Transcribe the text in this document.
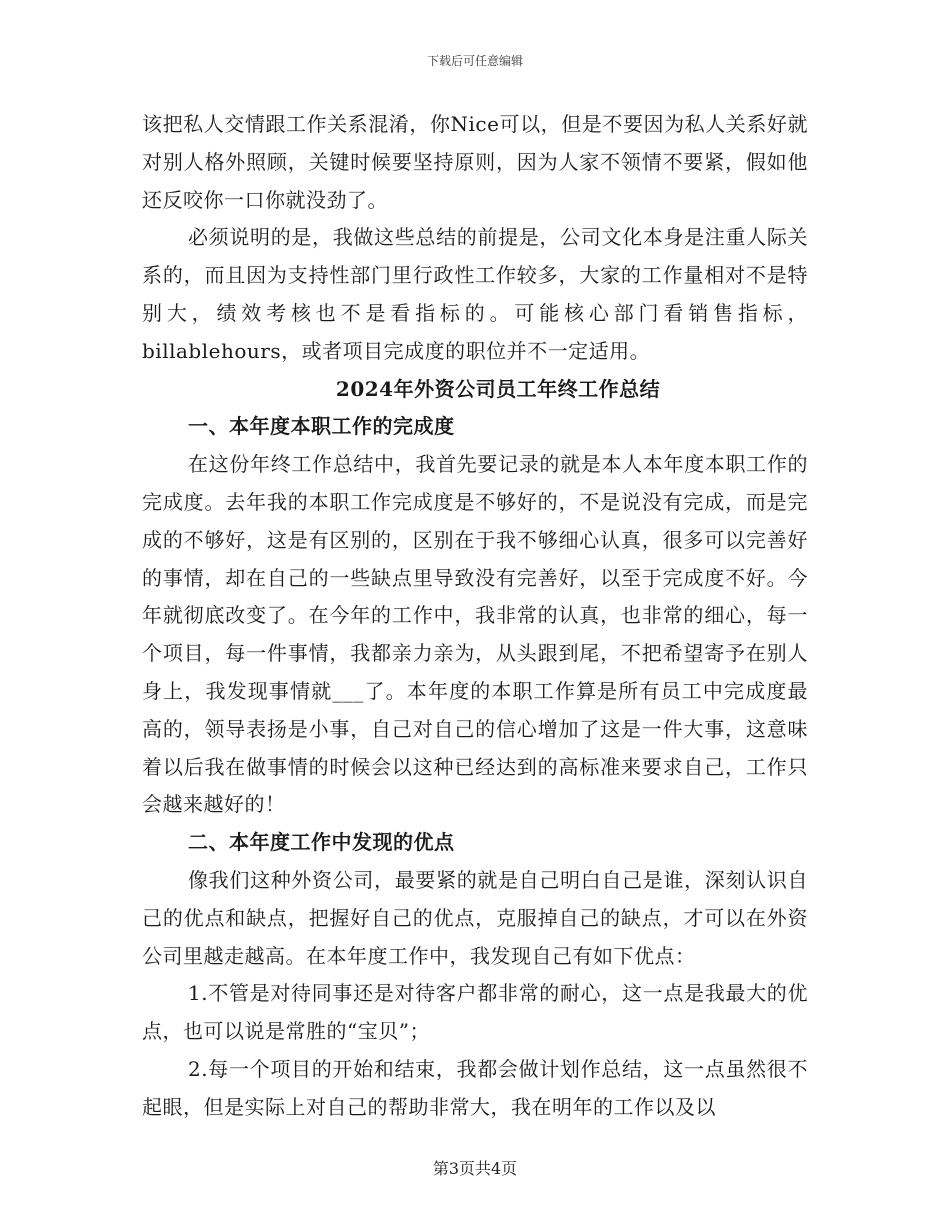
下载后可任意编辑

该把私人交情跟工作关系混淆，你Nice可以，但是不要因为私人关系好就对别人格外照顾，关键时候要坚持原则，因为人家不领情不要紧，假如他还反咬你一口你就没劲了。

必须说明的是，我做这些总结的前提是，公司文化本身是注重人际关系的，而且因为支持性部门里行政性工作较多，大家的工作量相对不是特别大，绩效考核也不是看指标的。可能核心部门看销售指标，billablehours，或者项目完成度的职位并不一定适用。

2024年外资公司员工年终工作总结

一、本年度本职工作的完成度

在这份年终工作总结中，我首先要记录的就是本人本年度本职工作的完成度。去年我的本职工作完成度是不够好的，不是说没有完成，而是完成的不够好，这是有区别的，区别在于我不够细心认真，很多可以完善好的事情，却在自己的一些缺点里导致没有完善好，以至于完成度不好。今年就彻底改变了。在今年的工作中，我非常的认真，也非常的细心，每一个项目，每一件事情，我都亲力亲为，从头跟到尾，不把希望寄予在别人身上，我发现事情就___了。本年度的本职工作算是所有员工中完成度最高的，领导表扬是小事，自己对自己的信心增加了这是一件大事，这意味着以后我在做事情的时候会以这种已经达到的高标准来要求自己，工作只会越来越好的！

二、本年度工作中发现的优点

像我们这种外资公司，最要紧的就是自己明白自己是谁，深刻认识自己的优点和缺点，把握好自己的优点，克服掉自己的缺点，才可以在外资公司里越走越高。在本年度工作中，我发现自己有如下优点：

1.不管是对待同事还是对待客户都非常的耐心，这一点是我最大的优点，也可以说是常胜的“宝贝”；

2.每一个项目的开始和结束，我都会做计划作总结，这一点虽然很不起眼，但是实际上对自己的帮助非常大，我在明年的工作以及以

第3页共4页
